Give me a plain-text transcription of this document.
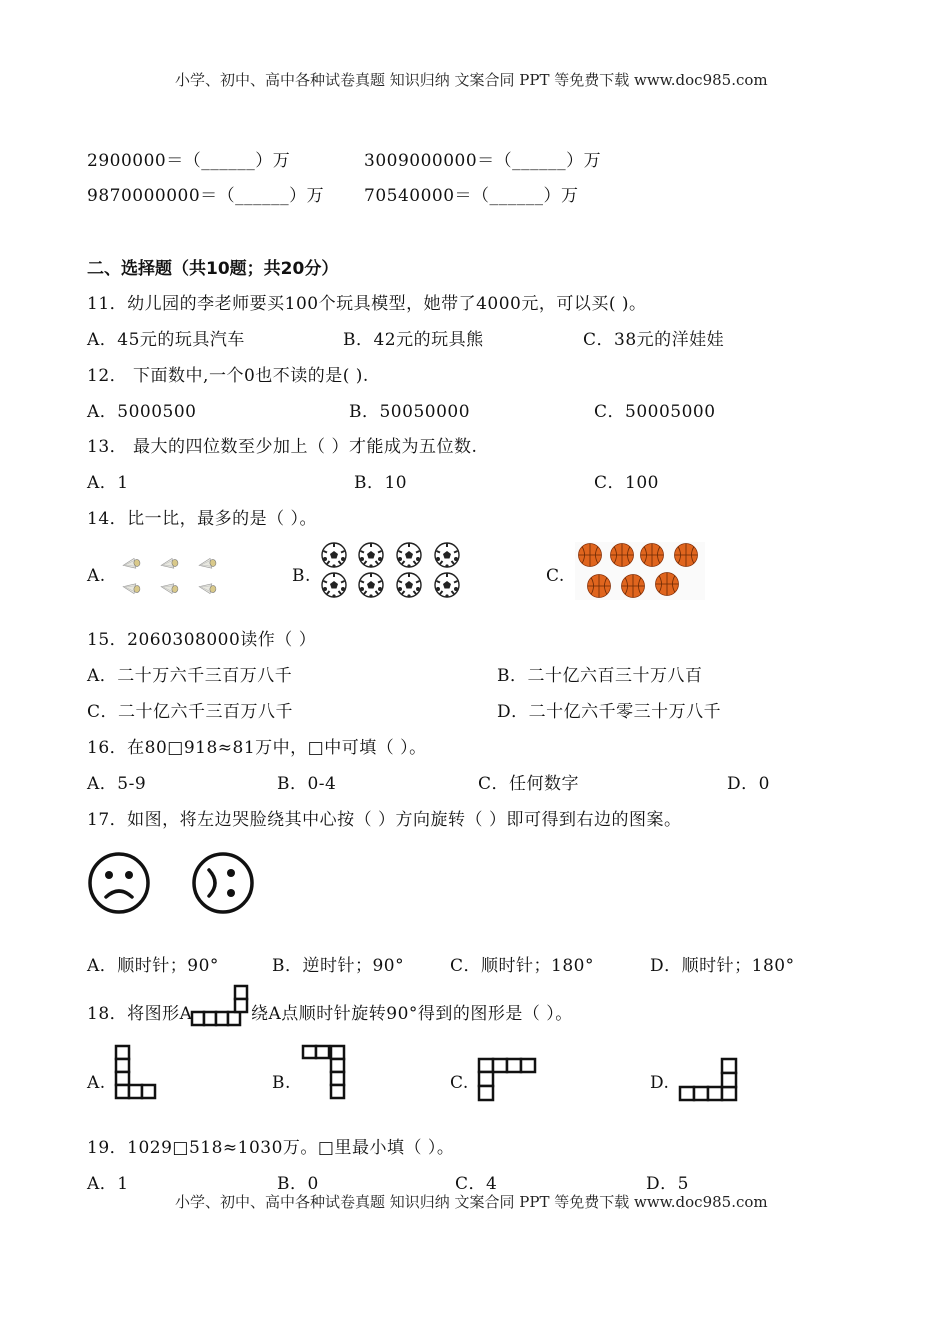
小学、初中、高中各种试卷真题 知识归纳 文案合同 PPT 等免费下载 www.doc985.com
2900000＝（______）万	3009000000＝（______）万
9870000000＝（______）万 70540000＝（______）万
二、选择题（共10题；共20分）
11．幼儿园的李老师要买100个玩具模型，她带了4000元，可以买( )。
A．45元的玩具汽车	B．42元的玩具熊	C．38元的洋娃娃
12． 下面数中,一个0也不读的是( ).
A．5000500	B．50050000	C．50005000
13． 最大的四位数至少加上（ ）才能成为五位数.
A．1	B．10	C．100
14．比一比，最多的是（ ）。
A.	B.	C.
15．2060308000读作（ ）
A．二十万六千三百万八千	B．二十亿六百三十万八百
C．二十亿六千三百万八千	D．二十亿六千零三十万八千
16．在80□918≈81万中，□中可填（ ）。
A．5-9	B．0-4	C．任何数字	D．0
17．如图，将左边哭脸绕其中心按（ ）方向旋转（ ）即可得到右边的图案。
A．顺时针；90°	B．逆时针；90°	C．顺时针；180°	D．顺时针；180°
18．将图形A	绕A点顺时针旋转90°得到的图形是（ ）。
A.	B.	C.	D.
19．1029□518≈1030万。□里最小填（ ）。
A．1	B．0	C．4	D．5
小学、初中、高中各种试卷真题 知识归纳 文案合同 PPT 等免费下载 www.doc985.com
